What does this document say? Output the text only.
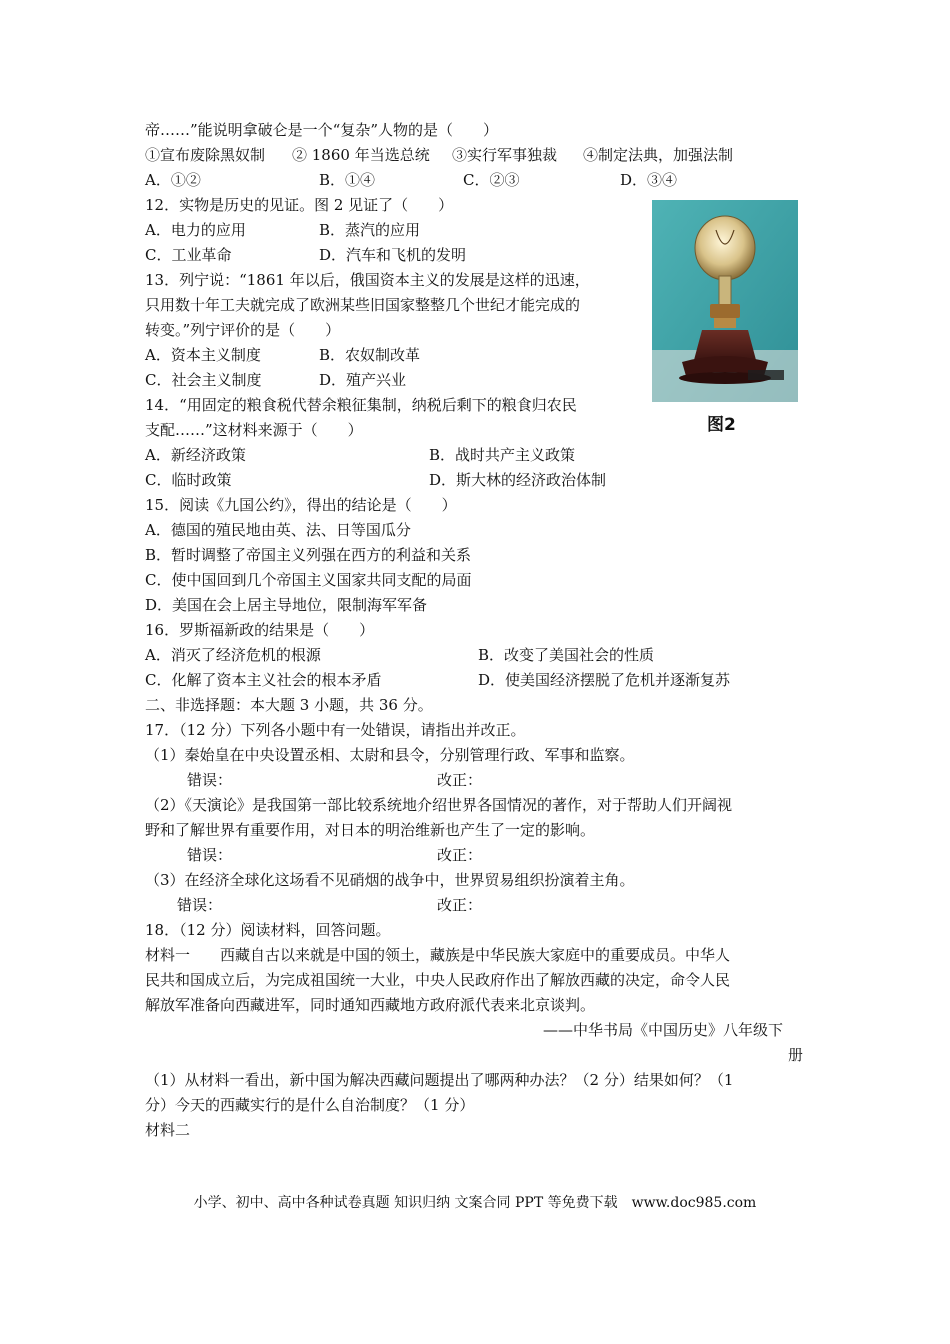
帝……”能说明拿破仑是一个“复杂”人物的是（　　）
①宣布废除黑奴制 ② 1860 年当选总统 ③实行军事独裁 ④制定法典，加强法制
A．①②	B．①④	C．②③	D．③④
12．实物是历史的见证。图 2 见证了（　　）
A．电力的应用	B．蒸汽的应用
C．工业革命	D．汽车和飞机的发明
图2
13．列宁说：“1861 年以后，俄国资本主义的发展是这样的迅速，
只用数十年工夫就完成了欧洲某些旧国家整整几个世纪才能完成的
转变。”列宁评价的是（　　）
A．资本主义制度	B．农奴制改革
C．社会主义制度	D．殖产兴业
14．“用固定的粮食税代替余粮征集制，纳税后剩下的粮食归农民
支配……”这材料来源于（　　）
A．新经济政策	B．战时共产主义政策
C．临时政策	D．斯大林的经济政治体制
15．阅读《九国公约》，得出的结论是（　　）
A．德国的殖民地由英、法、日等国瓜分
B．暂时调整了帝国主义列强在西方的利益和关系
C．使中国回到几个帝国主义国家共同支配的局面
D．美国在会上居主导地位，限制海军军备
16．罗斯福新政的结果是（　　）
A．消灭了经济危机的根源	B．改变了美国社会的性质
C．化解了资本主义社会的根本矛盾	D．使美国经济摆脱了危机并逐渐复苏
二、非选择题：本大题 3 小题，共 36 分。
17．（12 分）下列各小题中有一处错误，请指出并改正。
（1）秦始皇在中央设置丞相、太尉和县令，分别管理行政、军事和监察。
错误：	改正：
（2）《天演论》是我国第一部比较系统地介绍世界各国情况的著作，对于帮助人们开阔视
野和了解世界有重要作用，对日本的明治维新也产生了一定的影响。
错误：	改正：
（3）在经济全球化这场看不见硝烟的战争中，世界贸易组织扮演着主角。
错误：	改正：
18．（12 分）阅读材料，回答问题。
材料一　　西藏自古以来就是中国的领土，藏族是中华民族大家庭中的重要成员。中华人
民共和国成立后，为完成祖国统一大业，中央人民政府作出了解放西藏的决定，命令人民
解放军准备向西藏进军，同时通知西藏地方政府派代表来北京谈判。
——中华书局《中国历史》八年级下
册
（1）从材料一看出，新中国为解决西藏问题提出了哪两种办法？（2 分）结果如何？（1
分）今天的西藏实行的是什么自治制度？（1 分）
材料二
小学、初中、高中各种试卷真题 知识归纳 文案合同 PPT 等免费下载　www.doc985.com
